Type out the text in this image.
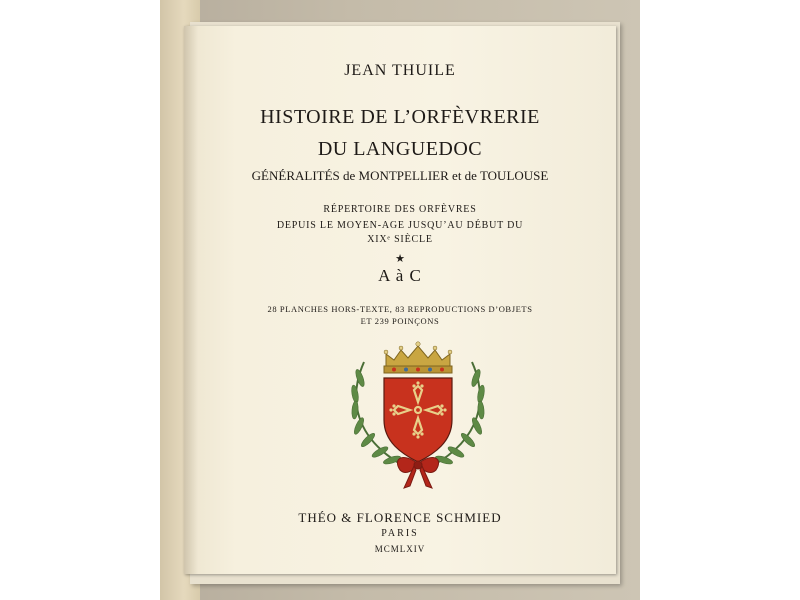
JEAN THUILE
HISTOIRE DE L’ORFÈVRERIE
DU LANGUEDOC
GÉNÉRALITÉS de MONTPELLIER et de TOULOUSE
RÉPERTOIRE DES ORFÈVRES
DEPUIS LE MOYEN-AGE JUSQU’AU DÉBUT DU
XIXᵉ SIÈCLE
★
A à C
28 PLANCHES HORS-TEXTE, 83 REPRODUCTIONS D’OBJETS
ET 239 POINÇONS
THÉO & FLORENCE SCHMIED
PARIS
MCMLXIV
